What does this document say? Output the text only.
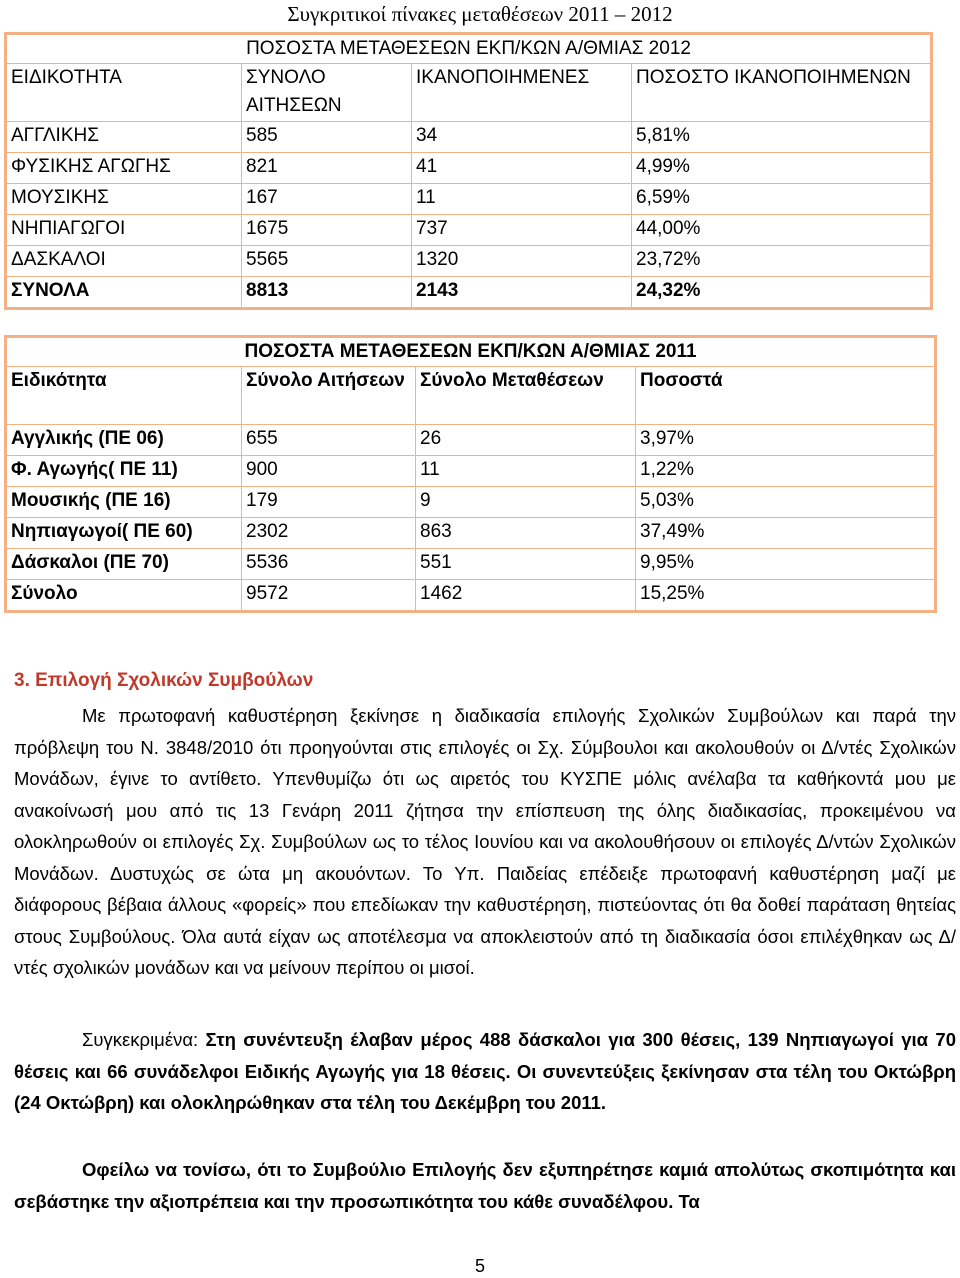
Συγκριτικοί πίνακες μεταθέσεων 2011 – 2012
ΠΟΣΟΣΤΑ ΜΕΤΑΘΕΣΕΩΝ ΕΚΠ/ΚΩΝ Α/ΘΜΙΑΣ 2012			
ΕΙΔΙΚΟΤΗΤΑ	ΣΥΝΟΛΟ ΑΙΤΗΣΕΩΝ	ΙΚΑΝΟΠΟΙΗΜΕΝΕΣ	ΠΟΣΟΣΤΟ ΙΚΑΝΟΠΟΙΗΜΕΝΩΝ
ΑΓΓΛΙΚΗΣ	585	34	5,81%
ΦΥΣΙΚΗΣ ΑΓΩΓΗΣ	821	41	4,99%
ΜΟΥΣΙΚΗΣ	167	11	6,59%
ΝΗΠΙΑΓΩΓΟΙ	1675	737	44,00%
ΔΑΣΚΑΛΟΙ	5565	1320	23,72%
ΣΥΝΟΛΑ	8813	2143	24,32%
ΠΟΣΟΣΤΑ ΜΕΤΑΘΕΣΕΩΝ ΕΚΠ/ΚΩΝ Α/ΘΜΙΑΣ 2011			
Ειδικότητα	Σύνολο Αιτήσεων	Σύνολο Μεταθέσεων	Ποσοστά
Αγγλικής (ΠΕ 06)	655	26	3,97%
Φ. Αγωγής( ΠΕ 11)	900	11	1,22%
Μουσικής (ΠΕ 16)	179	9	5,03%
Νηπιαγωγοί( ΠΕ 60)	2302	863	37,49%
Δάσκαλοι (ΠΕ 70)	5536	551	9,95%
Σύνολο	9572	1462	15,25%
3. Επιλογή Σχολικών Συμβούλων
Με πρωτοφανή καθυστέρηση ξεκίνησε η διαδικασία επιλογής Σχολικών Συμβούλων και παρά την πρόβλεψη του Ν. 3848/2010 ότι προηγούνται στις επιλογές οι Σχ. Σύμβουλοι και ακολουθούν οι Δ/ντές Σχολικών Μονάδων, έγινε το αντίθετο. Υπενθυμίζω ότι ως αιρετός του ΚΥΣΠΕ μόλις ανέλαβα τα καθήκοντά μου με ανακοίνωσή μου από τις 13 Γενάρη 2011 ζήτησα την επίσπευση της όλης διαδικασίας, προκειμένου να ολοκληρωθούν οι επιλογές Σχ. Συμβούλων ως το τέλος Ιουνίου και να ακολουθήσουν οι επιλογές Δ/ντών Σχολικών Μονάδων. Δυστυχώς σε ώτα μη ακουόντων. Το Υπ. Παιδείας επέδειξε πρωτοφανή καθυστέρηση μαζί με διάφορους βέβαια άλλους «φορείς» που επεδίωκαν την καθυστέρηση, πιστεύοντας ότι θα δοθεί παράταση θητείας στους Συμβούλους. Όλα αυτά είχαν ως αποτέλεσμα να αποκλειστούν από τη διαδικασία όσοι επιλέχθηκαν ως Δ/ντές σχολικών μονάδων και να μείνουν περίπου οι μισοί.
Συγκεκριμένα: Στη συνέντευξη έλαβαν μέρος 488 δάσκαλοι για 300 θέσεις, 139 Νηπιαγωγοί για 70 θέσεις και 66 συνάδελφοι Ειδικής Αγωγής για 18 θέσεις. Οι συνεντεύξεις ξεκίνησαν στα τέλη του Οκτώβρη (24 Οκτώβρη) και ολοκληρώθηκαν στα τέλη του Δεκέμβρη του 2011.
Οφείλω να τονίσω, ότι το Συμβούλιο Επιλογής δεν εξυπηρέτησε καμιά απολύτως σκοπιμότητα και σεβάστηκε την αξιοπρέπεια και την προσωπικότητα του κάθε συναδέλφου. Τα
5
